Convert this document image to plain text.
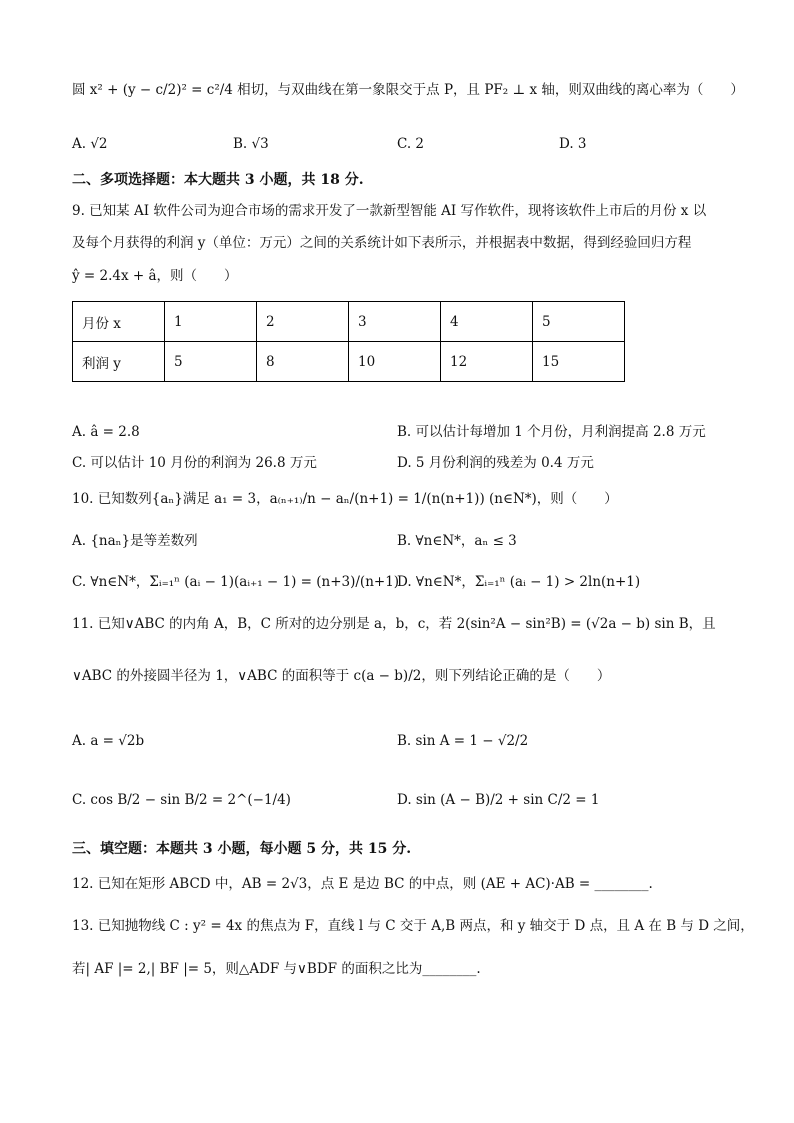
圆 x² + (y − c/2)² = c²/4 相切，与双曲线在第一象限交于点 P，且 PF₂ ⊥ x 轴，则双曲线的离心率为（　　）
A. √2	B. √3	C. 2	D. 3
二、多项选择题：本大题共 3 小题，共 18 分.
9. 已知某 AI 软件公司为迎合市场的需求开发了一款新型智能 AI 写作软件，现将该软件上市后的月份 x 以
及每个月获得的利润 y（单位：万元）之间的关系统计如下表所示，并根据表中数据，得到经验回归方程
ŷ = 2.4x + â，则（　　）
月份 x	1	2	3	4	5
利润 y	5	8	10	12	15
A. â = 2.8	B. 可以估计每增加 1 个月份，月利润提高 2.8 万元
C. 可以估计 10 月份的利润为 26.8 万元	D. 5 月份利润的残差为 0.4 万元
10. 已知数列{aₙ}满足 a₁ = 3，a₍ₙ₊₁₎/n − aₙ/(n+1) = 1/(n(n+1)) (n∈N*)，则（　　）
A. {naₙ}是等差数列	B. ∀n∈N*，aₙ ≤ 3
C. ∀n∈N*，Σᵢ₌₁ⁿ (aᵢ − 1)(aᵢ₊₁ − 1) = (n+3)/(n+1)
D. ∀n∈N*，Σᵢ₌₁ⁿ (aᵢ − 1) > 2ln(n+1)
11. 已知∨ABC 的内角 A，B，C 所对的边分别是 a，b，c，若 2(sin²A − sin²B) = (√2a − b) sin B，且
∨ABC 的外接圆半径为 1，∨ABC 的面积等于 c(a − b)/2，则下列结论正确的是（　　）
A. a = √2b	B. sin A = 1 − √2/2
C. cos B/2 − sin B/2 = 2^(−1/4)	D. sin (A − B)/2 + sin C/2 = 1
三、填空题：本题共 3 小题，每小题 5 分，共 15 分.
12. 已知在矩形 ABCD 中，AB = 2√3，点 E 是边 BC 的中点，则 (AE + AC)·AB = ________.
13. 已知抛物线 C : y² = 4x 的焦点为 F，直线 l 与 C 交于 A,B 两点，和 y 轴交于 D 点，且 A 在 B 与 D 之间，
若| AF |= 2,| BF |= 5，则△ADF 与∨BDF 的面积之比为________.
